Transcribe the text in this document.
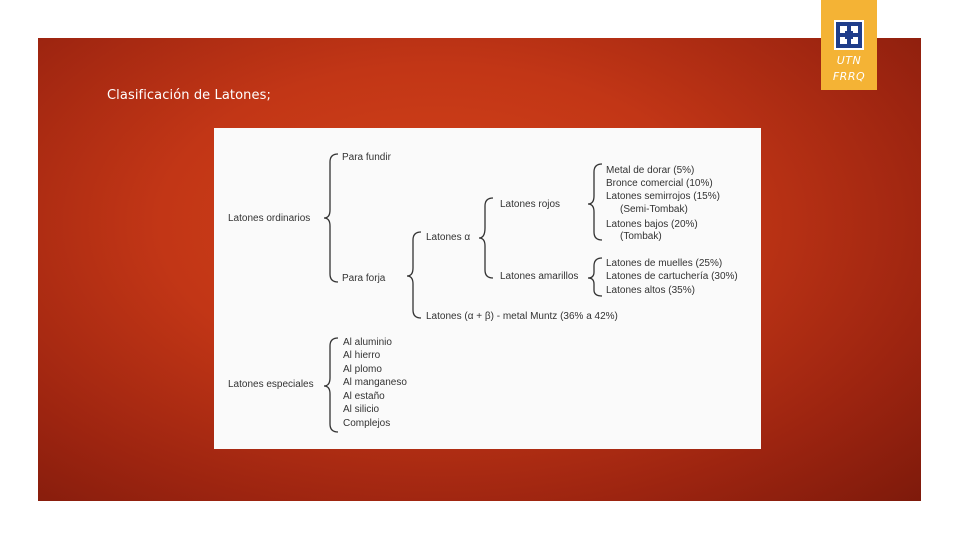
Clasificación de Latones;
UTN
FRRQ
Latones ordinarios
Para fundir
Para forja
Latones α
Latones rojos
Latones amarillos
Latones (α + β) - metal Muntz (36% a 42%)
Metal de dorar (5%)
Bronce comercial (10%)
Latones semirrojos (15%)
(Semi-Tombak)
Latones bajos (20%)
(Tombak)
Latones de muelles (25%)
Latones de cartuchería (30%)
Latones altos (35%)
Latones especiales
Al aluminio
Al hierro
Al plomo
Al manganeso
Al estaño
Al silicio
Complejos
